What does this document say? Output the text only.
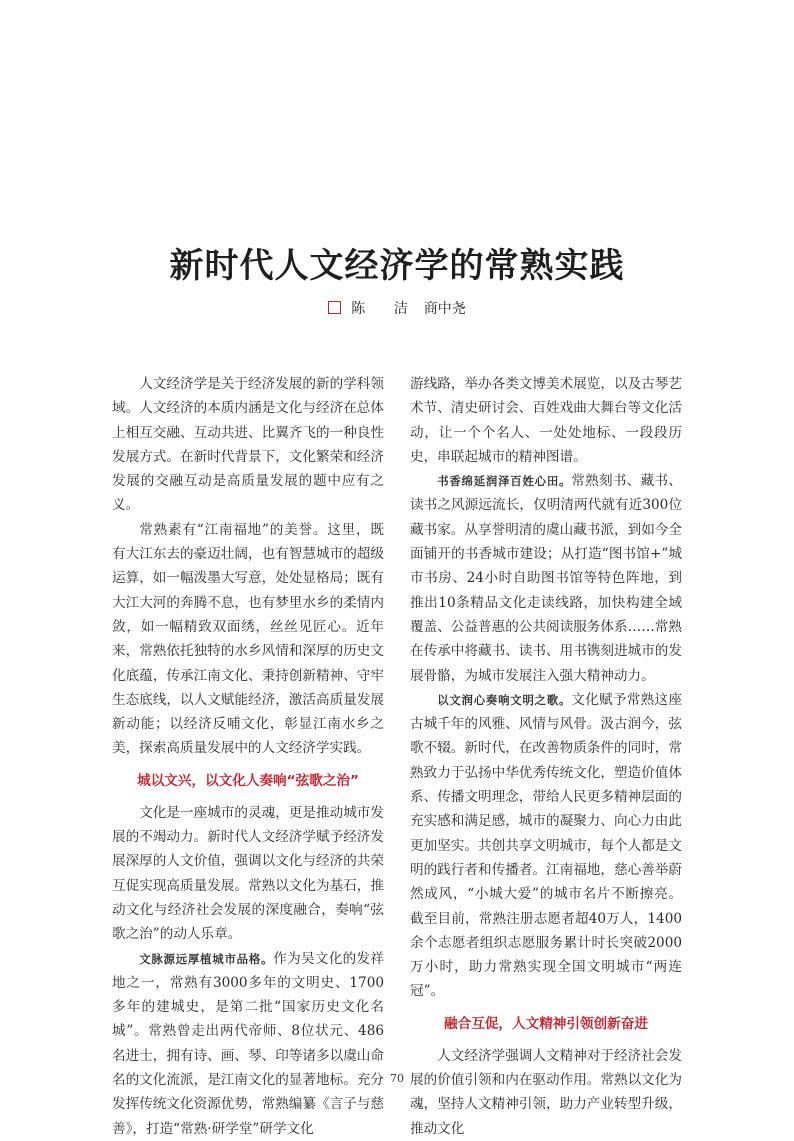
新时代人文经济学的常熟实践
陈 洁 商中尧

人文经济学是关于经济发展的新的学科领域。人文经济的本质内涵是文化与经济在总体上相互交融、互动共进、比翼齐飞的一种良性发展方式。在新时代背景下，文化繁荣和经济发展的交融互动是高质量发展的题中应有之义。

常熟素有“江南福地”的美誉。这里，既有大江东去的豪迈壮阔，也有智慧城市的超级运算，如一幅泼墨大写意，处处显格局；既有大江大河的奔腾不息，也有梦里水乡的柔情内敛，如一幅精致双面绣，丝丝见匠心。近年来，常熟依托独特的水乡风情和深厚的历史文化底蕴，传承江南文化、秉持创新精神、守牢生态底线，以人文赋能经济，激活高质量发展新动能；以经济反哺文化，彰显江南水乡之美，探索高质量发展中的人文经济学实践。

城以文兴，以文化人奏响“弦歌之治”

文化是一座城市的灵魂，更是推动城市发展的不竭动力。新时代人文经济学赋予经济发展深厚的人文价值，强调以文化与经济的共荣互促实现高质量发展。常熟以文化为基石，推动文化与经济社会发展的深度融合，奏响“弦歌之治”的动人乐章。

文脉源远厚植城市品格。作为吴文化的发祥地之一，常熟有3000多年的文明史、1700多年的建城史，是第二批“国家历史文化名城”。常熟曾走出两代帝师、8位状元、486名进士，拥有诗、画、琴、印等诸多以虞山命名的文化流派，是江南文化的显著地标。充分发挥传统文化资源优势，常熟编纂《言子与慈善》，打造“常熟·研学堂”研学文化

游线路，举办各类文博美术展览，以及古琴艺术节、清史研讨会、百姓戏曲大舞台等文化活动，让一个个名人、一处处地标、一段段历史，串联起城市的精神图谱。

书香绵延润泽百姓心田。常熟刻书、藏书、读书之风源远流长，仅明清两代就有近300位藏书家。从享誉明清的虞山藏书派，到如今全面铺开的书香城市建设；从打造“图书馆+”城市书房、24小时自助图书馆等特色阵地，到推出10条精品文化走读线路，加快构建全域覆盖、公益普惠的公共阅读服务体系……常熟在传承中将藏书、读书、用书镌刻进城市的发展骨骼，为城市发展注入强大精神动力。

以文润心奏响文明之歌。文化赋予常熟这座古城千年的风雅、风情与风骨。汲古润今，弦歌不辍。新时代，在改善物质条件的同时，常熟致力于弘扬中华优秀传统文化，塑造价值体系、传播文明理念，带给人民更多精神层面的充实感和满足感，城市的凝聚力、向心力由此更加坚实。共创共享文明城市，每个人都是文明的践行者和传播者。江南福地，慈心善举蔚然成风，“小城大爱”的城市名片不断擦亮。截至目前，常熟注册志愿者超40万人，1400余个志愿者组织志愿服务累计时长突破2000万小时，助力常熟实现全国文明城市“两连冠”。

融合互促，人文精神引领创新奋进

人文经济学强调人文精神对于经济社会发展的价值引领和内在驱动作用。常熟以文化为魂，坚持人文精神引领，助力产业转型升级，推动文化

70
